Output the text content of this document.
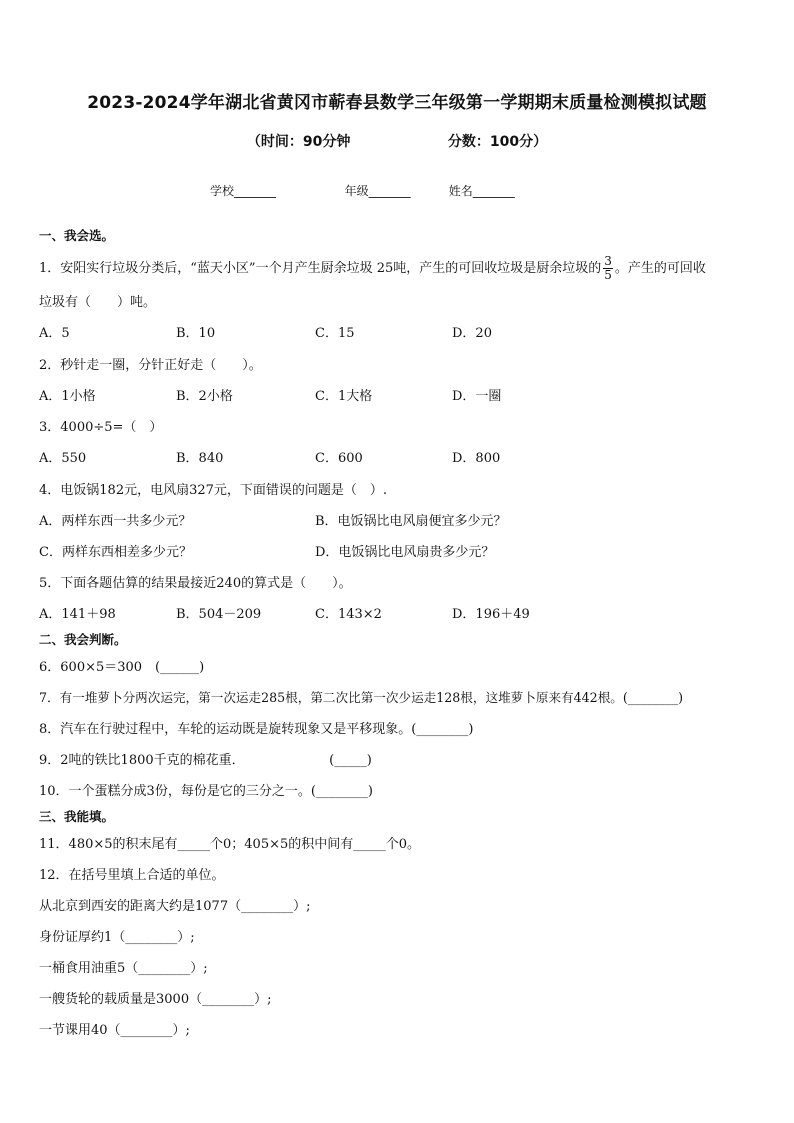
2023-2024学年湖北省黄冈市蕲春县数学三年级第一学期期末质量检测模拟试题
（时间：90分钟                    分数：100分）
学校_______                  年级_______          姓名_______
一、我会选。
1．安阳实行垃圾分类后，“蓝天小区”一个月产生厨余垃圾 25吨，产生的可回收垃圾是厨余垃圾的 $\frac{3}{5}$ 。产生的可回收
垃圾有（　　）吨。
A．5	B．10	C．15	D．20
2．秒针走一圈，分针正好走（　　）。
A．1小格	B．2小格	C．1大格	D．一圈
3．4000÷5=（　）
A．550	B．840	C．600	D．800
4．电饭锅182元，电风扇327元，下面错误的问题是（　）.
A．两样东西一共多少元？	B．电饭锅比电风扇便宜多少元？
C．两样东西相差多少元？	D．电饭锅比电风扇贵多少元？
5．下面各题估算的结果最接近240的算式是（　　）。
A．141＋98	B．504－209	C．143×2	D．196＋49
二、我会判断。
6．600×5＝300　(______)
7．有一堆萝卜分两次运完，第一次运走285根，第二次比第一次少运走128根，这堆萝卜原来有442根。(________)
8．汽车在行驶过程中，车轮的运动既是旋转现象又是平移现象。(________)
9．2吨的铁比1800千克的棉花重．　　　　　　　(_____)
10．一个蛋糕分成3份，每份是它的三分之一。(________)
三、我能填。
11．480×5的积末尾有_____个0；405×5的积中间有_____个0。
12．在括号里填上合适的单位。
从北京到西安的距离大约是1077（________）;
身份证厚约1（________）;
一桶食用油重5（________）;
一艘货轮的载质量是3000（________）;
一节课用40（________）;
